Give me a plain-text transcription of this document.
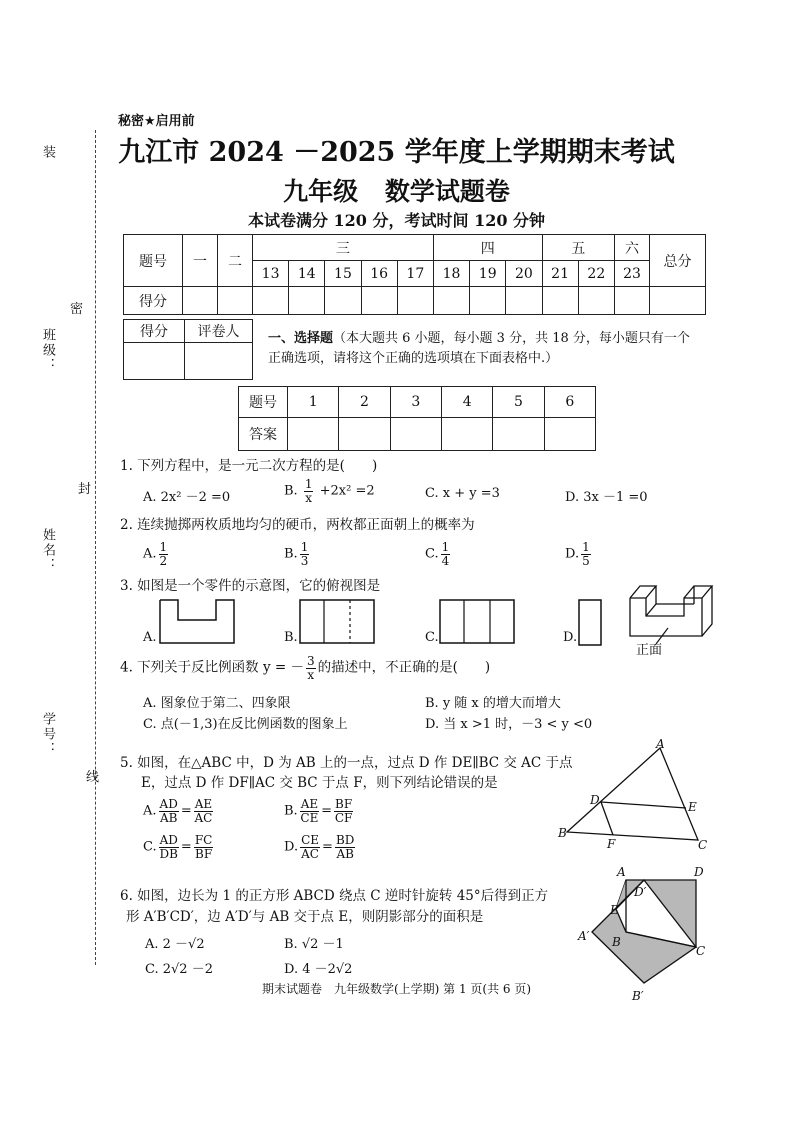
装
班级：
密
姓名：
封
学号：
线
秘密★启用前
九江市 2024 －2025 学年度上学期期末考试
九年级 数学试题卷
本试卷满分 120 分，考试时间 120 分钟
题号	一	二	三					四			五		六	总分
			13	14	15	16	17	18	19	20	21	22	23	
得分														
得分	评卷人
	一、选择题（本大题共 6 小题，每小题 3 分，共 18 分，每小题只有一个正确选项，请将这个正确的选项填在下面表格中.）
题号	1	2	3	4	5	6
答案						
1. 下列方程中，是一元二次方程的是(　　)
A. 2x² －2 =0	B. $\frac{1}{x} +2x^2 =2$	C. x + y =3	D. 3x －1 =0
2. 连续抛掷两枚质地均匀的硬币，两枚都正面朝上的概率为
A. $\frac{1}{2}$	B. $\frac{1}{3}$	C. $\frac{1}{4}$	D. $\frac{1}{5}$
3. 如图是一个零件的示意图，它的俯视图是
A.	B.	C.	D.
正面
4. 下列关于反比例函数 y = － $\frac{3}{x}$ 的描述中，不正确的是(　　)
A. 图象位于第二、四象限	B. y 随 x 的增大而增大
C. 点(－1,3)在反比例函数的图象上	D. 当 x >1 时，－3 < y <0
5. 如图，在△ABC 中，D 为 AB 上的一点，过点 D 作 DE∥BC 交 AC 于点
E，过点 D 作 DF∥AC 交 BC 于点 F，则下列结论错误的是
A. $\frac{AD}{AB} = \frac{AE}{AC}$	B. $\frac{AE}{CE} = \frac{BF}{CF}$
C. $\frac{AD}{DB} = \frac{FC}{BF}$	D. $\frac{CE}{AC} = \frac{BD}{AB}$
A
B
C
D	E
F
6. 如图，边长为 1 的正方形 ABCD 绕点 C 逆时针旋转 45°后得到正方
形 A′B′CD′，边 A′D′与 AB 交于点 E，则阴影部分的面积是
A. 2 －√2	B. √2 －1
C. 2√2 －2	D. 4 －2√2
A
A′ B
B′
C
D
D′
E
期末试题卷　九年级数学(上学期) 第 1 页(共 6 页)
